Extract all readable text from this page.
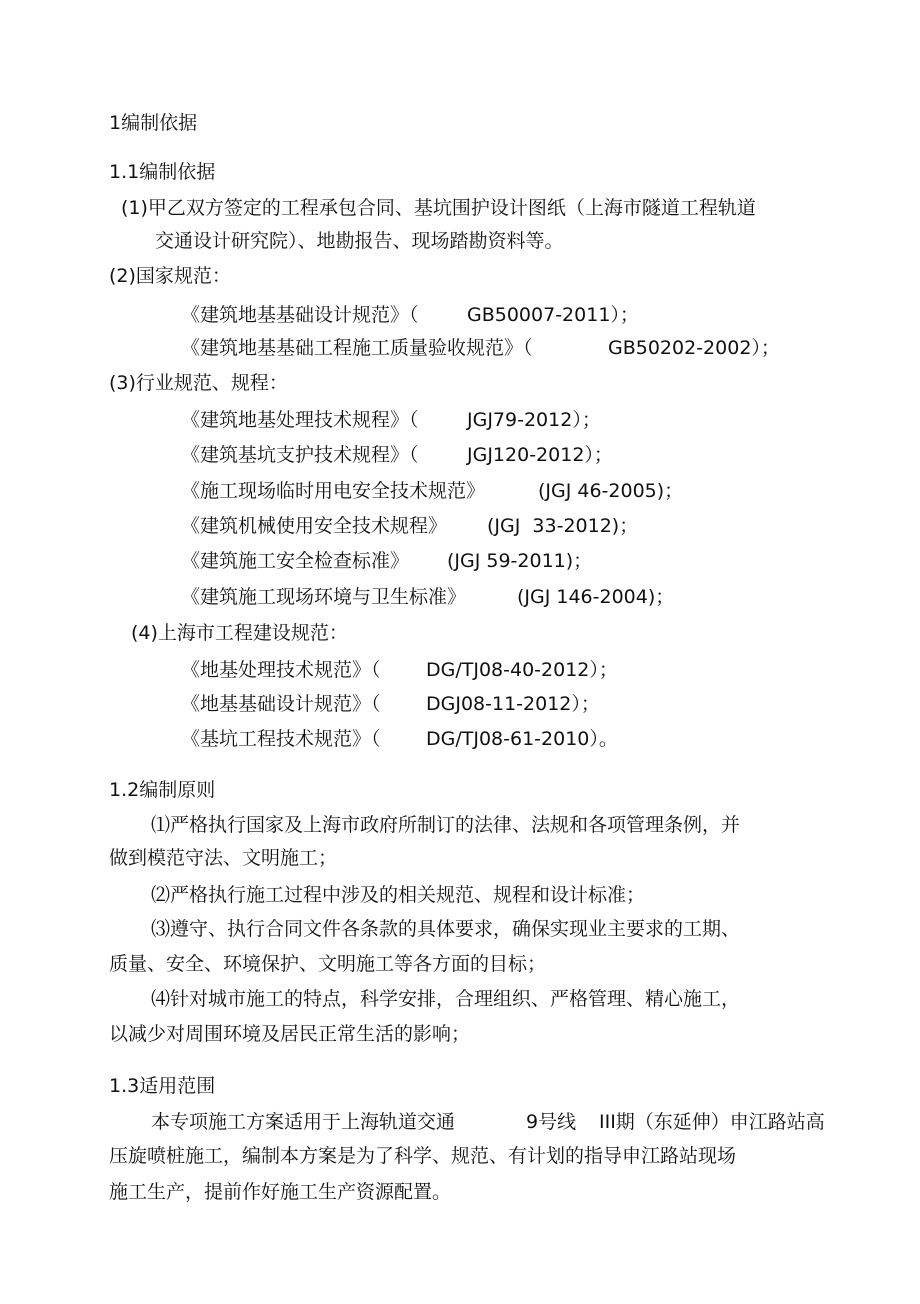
1编制依据
1.1编制依据
(1)甲乙双方签定的工程承包合同、基坑围护设计图纸（上海市隧道工程轨道
交通设计研究院）、地勘报告、现场踏勘资料等。
(2)国家规范：
《建筑地基基础设计规范》（	GB50007-2011）；
《建筑地基基础工程施工质量验收规范》（	GB50202-2002）；
(3)行业规范、规程：
《建筑地基处理技术规程》（	JGJ79-2012）；
《建筑基坑支护技术规程》（	JGJ120-2012）；
《施工现场临时用电安全技术规范》	(JGJ 46-2005)；
《建筑机械使用安全技术规程》 (JGJ  33-2012)；
《建筑施工安全检查标准》 (JGJ 59-2011)；
《建筑施工现场环境与卫生标准》	(JGJ 146-2004)；
(4)上海市工程建设规范：
《地基处理技术规范》（ DG/TJ08-40-2012）；
《地基基础设计规范》（ DGJ08-11-2012）；
《基坑工程技术规范》（ DG/TJ08-61-2010）。
1.2编制原则
⑴严格执行国家及上海市政府所制订的法律、法规和各项管理条例，并
做到模范守法、文明施工；
⑵严格执行施工过程中涉及的相关规范、规程和设计标准；
⑶遵守、执行合同文件各条款的具体要求，确保实现业主要求的工期、
质量、安全、环境保护、文明施工等各方面的目标；
⑷针对城市施工的特点，科学安排，合理组织、严格管理、精心施工，
以减少对周围环境及居民正常生活的影响；
1.3适用范围
本专项施工方案适用于上海轨道交通	9号线 III期（东延伸）申江路站高
压旋喷桩施工，编制本方案是为了科学、规范、有计划的指导申江路站现场
施工生产，提前作好施工生产资源配置。
